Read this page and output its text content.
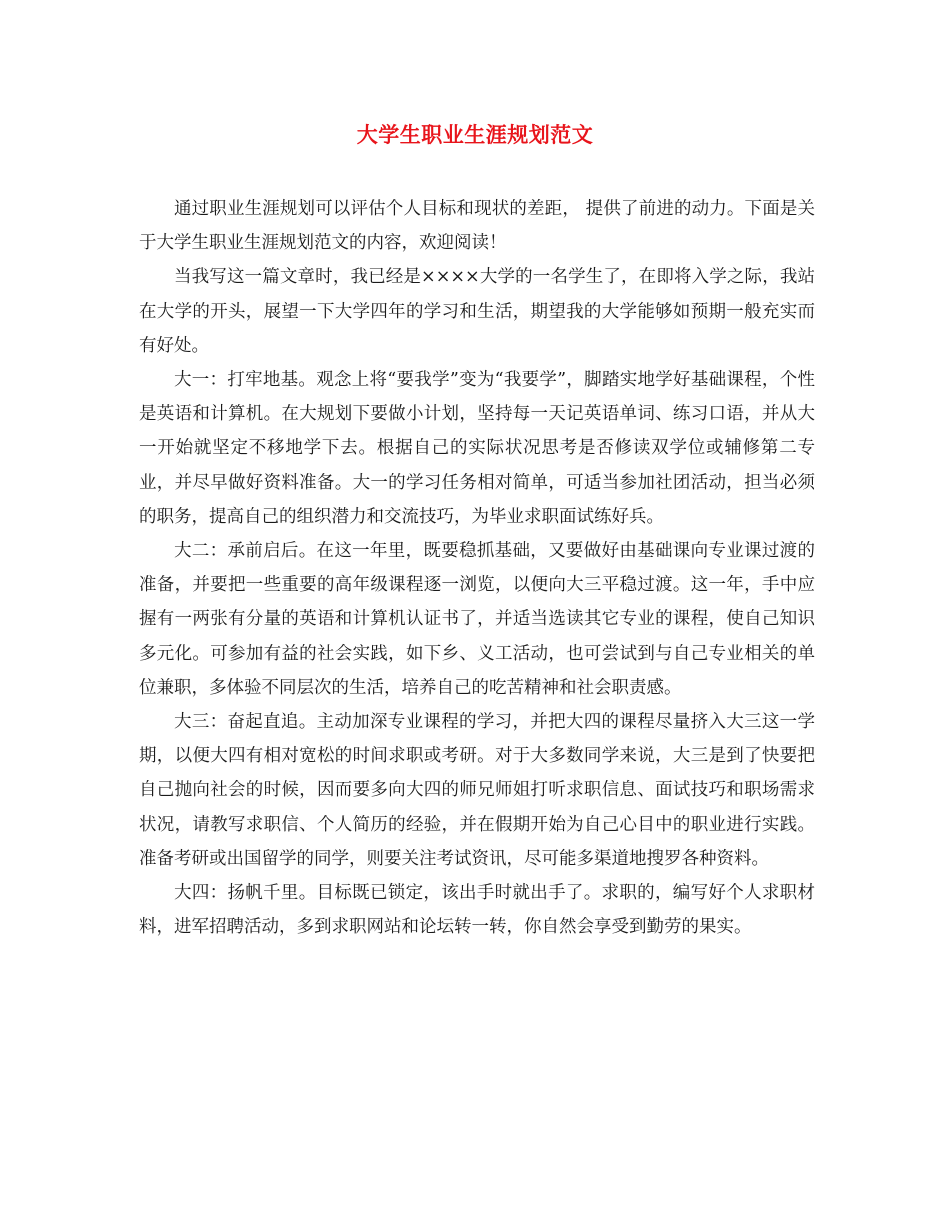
大学生职业生涯规划范文

通过职业生涯规划可以评估个人目标和现状的差距， 提供了前进的动力。下面是关于大学生职业生涯规划范文的内容，欢迎阅读！

当我写这一篇文章时，我已经是××××大学的一名学生了，在即将入学之际，我站在大学的开头，展望一下大学四年的学习和生活，期望我的大学能够如预期一般充实而有好处。

大一：打牢地基。观念上将“要我学”变为“我要学”，脚踏实地学好基础课程，个性是英语和计算机。在大规划下要做小计划，坚持每一天记英语单词、练习口语，并从大一开始就坚定不移地学下去。根据自己的实际状况思考是否修读双学位或辅修第二专业，并尽早做好资料准备。大一的学习任务相对简单，可适当参加社团活动，担当必须的职务，提高自己的组织潜力和交流技巧，为毕业求职面试练好兵。

大二：承前启后。在这一年里，既要稳抓基础，又要做好由基础课向专业课过渡的准备，并要把一些重要的高年级课程逐一浏览，以便向大三平稳过渡。这一年，手中应握有一两张有分量的英语和计算机认证书了，并适当选读其它专业的课程，使自己知识多元化。可参加有益的社会实践，如下乡、义工活动，也可尝试到与自己专业相关的单位兼职，多体验不同层次的生活，培养自己的吃苦精神和社会职责感。

大三：奋起直追。主动加深专业课程的学习，并把大四的课程尽量挤入大三这一学期，以便大四有相对宽松的时间求职或考研。对于大多数同学来说，大三是到了快要把自己抛向社会的时候，因而要多向大四的师兄师姐打听求职信息、面试技巧和职场需求状况，请教写求职信、个人简历的经验，并在假期开始为自己心目中的职业进行实践。准备考研或出国留学的同学，则要关注考试资讯，尽可能多渠道地搜罗各种资料。

大四：扬帆千里。目标既已锁定，该出手时就出手了。求职的，编写好个人求职材料，进军招聘活动，多到求职网站和论坛转一转，你自然会享受到勤劳的果实。
